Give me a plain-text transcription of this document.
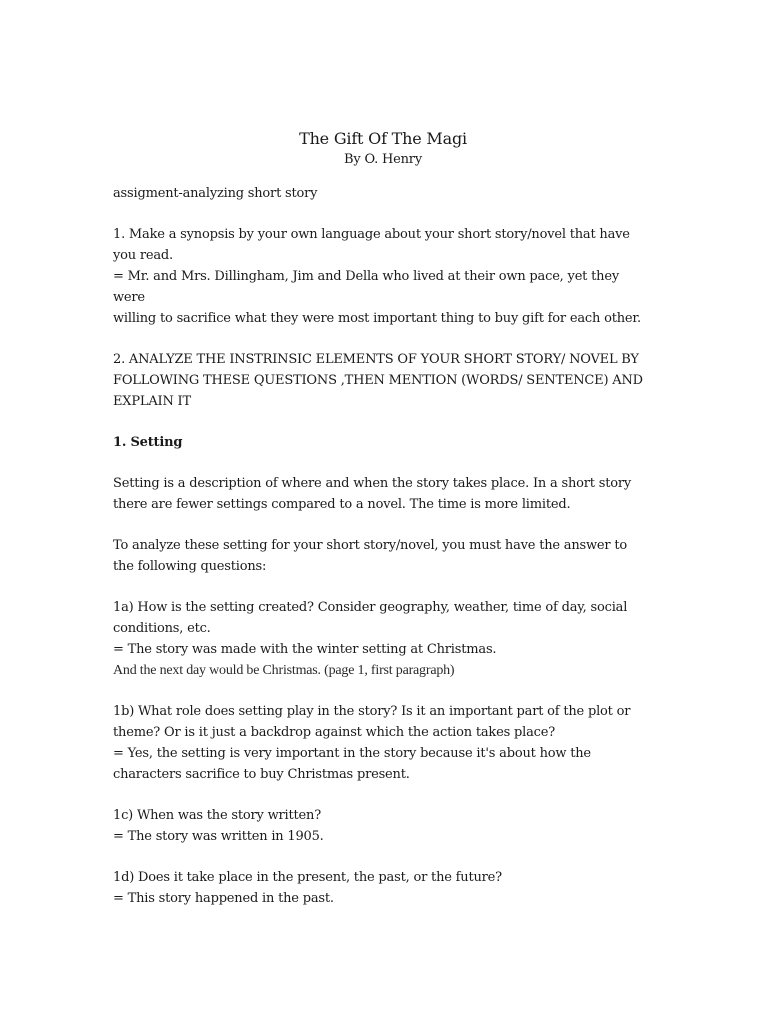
The Gift Of The Magi

By O. Henry

assigment-analyzing short story

1. Make a synopsis by your own language about your short story/novel that have

you read.

= Mr. and Mrs. Dillingham, Jim and Della who lived at their own pace, yet they were

willing to sacrifice what they were most important thing to buy gift for each other.

2. ANALYZE THE INSTRINSIC ELEMENTS OF YOUR SHORT STORY/ NOVEL BY

FOLLOWING THESE QUESTIONS ,THEN MENTION (WORDS/ SENTENCE) AND

EXPLAIN IT

1. Setting

Setting is a description of where and when the story takes place. In a short story

there are fewer settings compared to a novel. The time is more limited.

To analyze these setting for your short story/novel, you must have the answer to

the following questions:

1a) How is the setting created? Consider geography, weather, time of day, social

conditions, etc.

= The story was made with the winter setting at Christmas.

And the next day would be Christmas. (page 1, first paragraph)

1b) What role does setting play in the story? Is it an important part of the plot or

theme? Or is it just a backdrop against which the action takes place?

= Yes, the setting is very important in the story because it's about how the

characters sacrifice to buy Christmas present.

1c) When was the story written?

= The story was written in 1905.

1d) Does it take place in the present, the past, or the future?

= This story happened in the past.
